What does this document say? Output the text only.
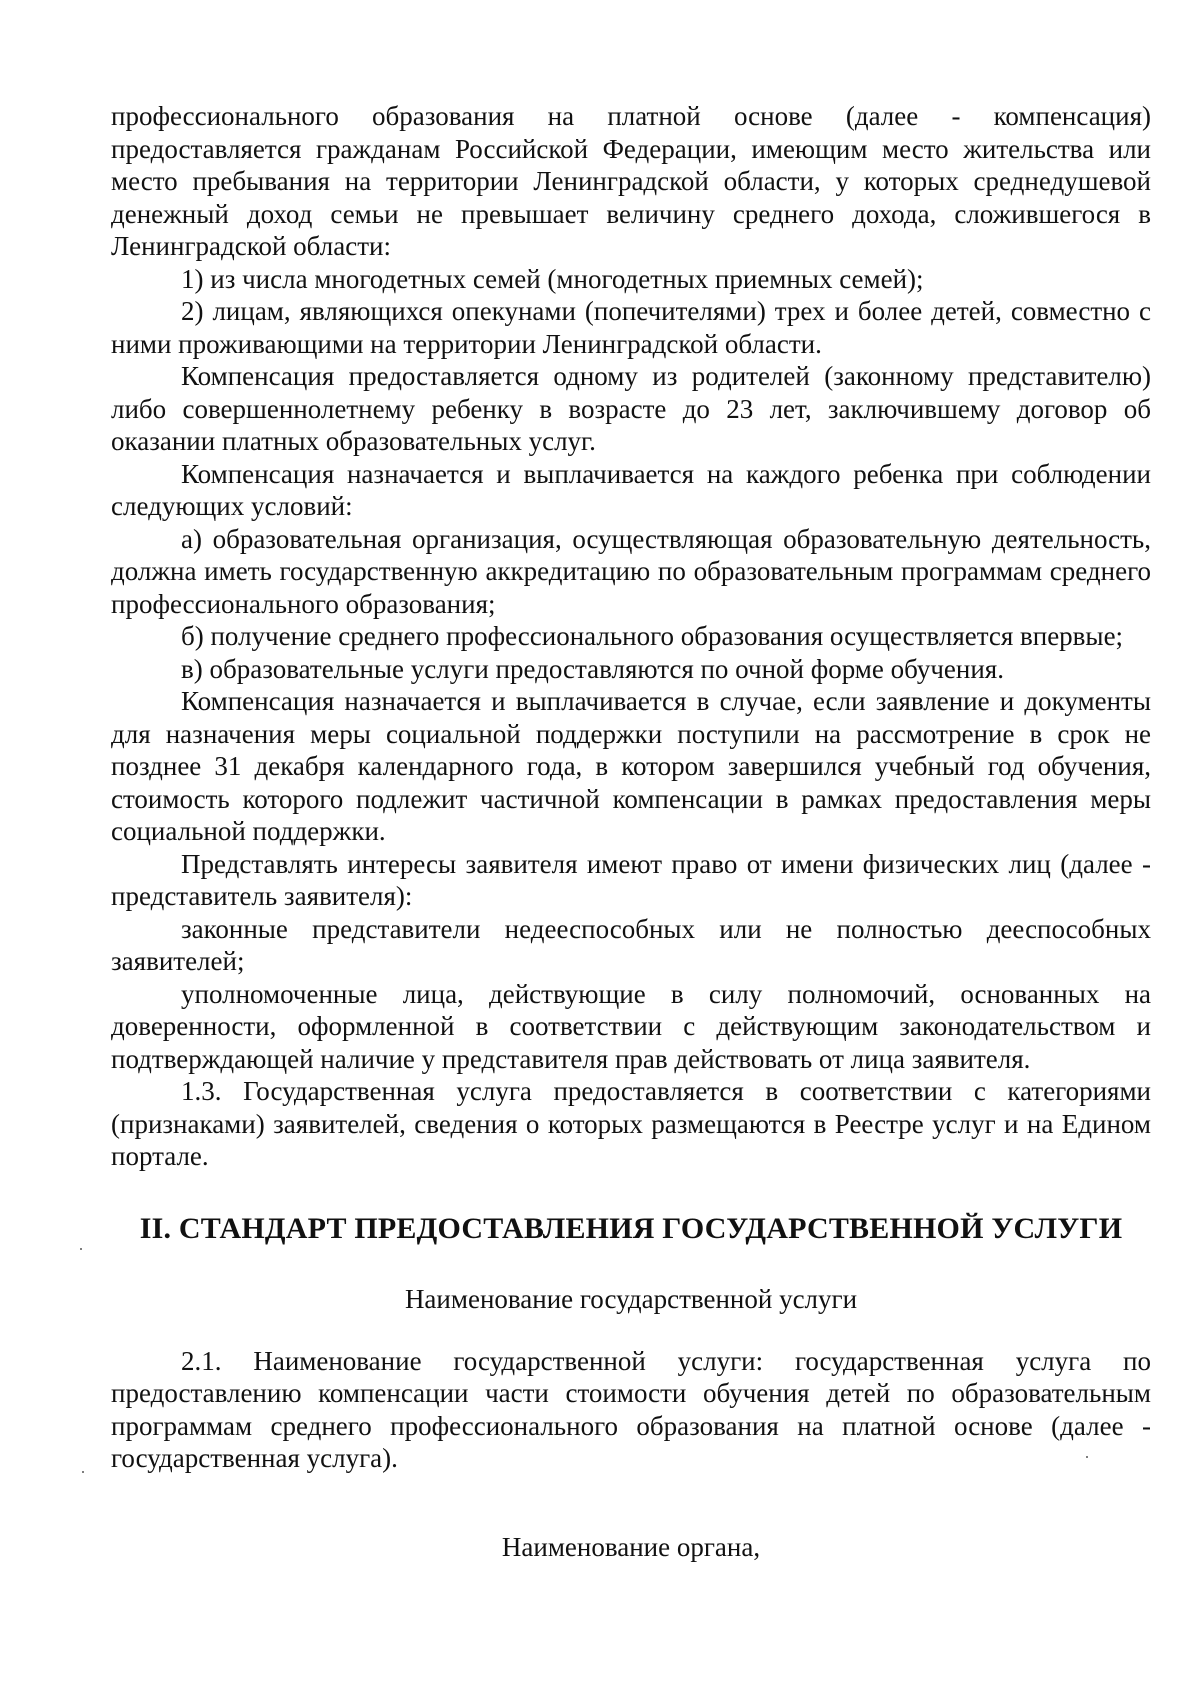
профессионального образования на платной основе (далее - компенсация) предоставляется гражданам Российской Федерации, имеющим место жительства или место пребывания на территории Ленинградской области, у которых среднедушевой денежный доход семьи не превышает величину среднего дохода, сложившегося в Ленинградской области:

1) из числа многодетных семей (многодетных приемных семей);

2) лицам, являющихся опекунами (попечителями) трех и более детей, совместно с ними проживающими на территории Ленинградской области.

Компенсация предоставляется одному из родителей (законному представителю) либо совершеннолетнему ребенку в возрасте до 23 лет, заключившему договор об оказании платных образовательных услуг.

Компенсация назначается и выплачивается на каждого ребенка при соблюдении следующих условий:

а) образовательная организация, осуществляющая образовательную деятельность, должна иметь государственную аккредитацию по образовательным программам среднего профессионального образования;

б) получение среднего профессионального образования осуществляется впервые;

в) образовательные услуги предоставляются по очной форме обучения.

Компенсация назначается и выплачивается в случае, если заявление и документы для назначения меры социальной поддержки поступили на рассмотрение в срок не позднее 31 декабря календарного года, в котором завершился учебный год обучения, стоимость которого подлежит частичной компенсации в рамках предоставления меры социальной поддержки.

Представлять интересы заявителя имеют право от имени физических лиц (далее - представитель заявителя):

законные представители недееспособных или не полностью дееспособных заявителей;

уполномоченные лица, действующие в силу полномочий, основанных на доверенности, оформленной в соответствии с действующим законодательством и подтверждающей наличие у представителя прав действовать от лица заявителя.

1.3. Государственная услуга предоставляется в соответствии с категориями (признаками) заявителей, сведения о которых размещаются в Реестре услуг и на Едином портале.

II. СТАНДАРТ ПРЕДОСТАВЛЕНИЯ ГОСУДАРСТВЕННОЙ УСЛУГИ
Наименование государственной услуги

2.1. Наименование государственной услуги: государственная услуга по предоставлению компенсации части стоимости обучения детей по образовательным программам среднего профессионального образования на платной основе (далее - государственная услуга).

Наименование органа,
